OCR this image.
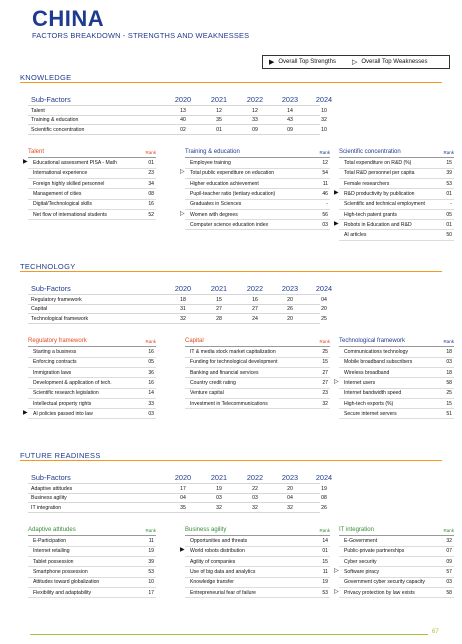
CHINA
FACTORS BREAKDOWN - STRENGTHS AND WEAKNESSES
▶ Overall Top Strengths ▷ Overall Top Weaknesses
KNOWLEDGE
Sub-Factors	2020	2021	2022	2023	2024
Talent	13	12	12	14	10
Training & education	40	35	33	43	32
Scientific concentration	02	01	09	09	10
Talent	Rank
▶ Educational assessment PISA - Math	01
International experience	23
Foreign highly skilled personnel	34
Management of cities	08
Digital/Technological skills	16
Net flow of international students	52
Training & education	Rank
Employee training	12
▷ Total public expenditure on education	54
Higher education achievement	11
Pupil-teacher ratio (tertiary education)	46
Graduates in Sciences	-
▷ Women with degrees	56
Computer science education index	03
Scientific concentration	Rank
Total expenditure on R&D (%)	15
Total R&D personnel per capita	39
Female researchers	53
▶ R&D productivity by publication	01
Scientific and technical employment	-
High-tech patent grants	05
▶ Robots in Education and R&D	01
AI articles	50
TECHNOLOGY
Sub-Factors	2020	2021	2022	2023	2024
Regulatory framework	18	15	16	20	04
Capital	31	27	27	26	20
Technological framework	32	28	24	20	25
Regulatory framework	Rank
Starting a business	16
Enforcing contracts	05
Immigration laws	36
Development & application of tech.	16
Scientific research legislation	14
Intellectual property rights	33
▶ AI policies passed into law	03
Capital	Rank
IT & media stock market capitalization	25
Funding for technological development	15
Banking and financial services	27
Country credit rating	27
Venture capital	23
Investment in Telecommunications	32
Technological framework	Rank
Communications technology	18
Mobile broadband subscribers	03
Wireless broadband	18
▷ Internet users	58
Internet bandwidth speed	25
High-tech exports (%)	15
Secure internet servers	51
FUTURE READINESS
Sub-Factors	2020	2021	2022	2023	2024
Adaptive attitudes	17	19	22	20	19
Business agility	04	03	03	04	08
IT integration	35	32	32	32	26
Adaptive attitudes	Rank
E-Participation	11
Internet retailing	19
Tablet possession	39
Smartphone possession	53
Attitudes toward globalization	10
Flexibility and adaptability	17
Business agility	Rank
Opportunities and threats	14
▶ World robots distribution	01
Agility of companies	15
Use of big data and analytics	11
Knowledge transfer	19
Entrepreneurial fear of failure	53
IT integration	Rank
E-Government	32
Public-private partnerships	07
Cyber security	09
▷ Software piracy	57
Government cyber security capacity	03
▷ Privacy protection by law exists	58
67
